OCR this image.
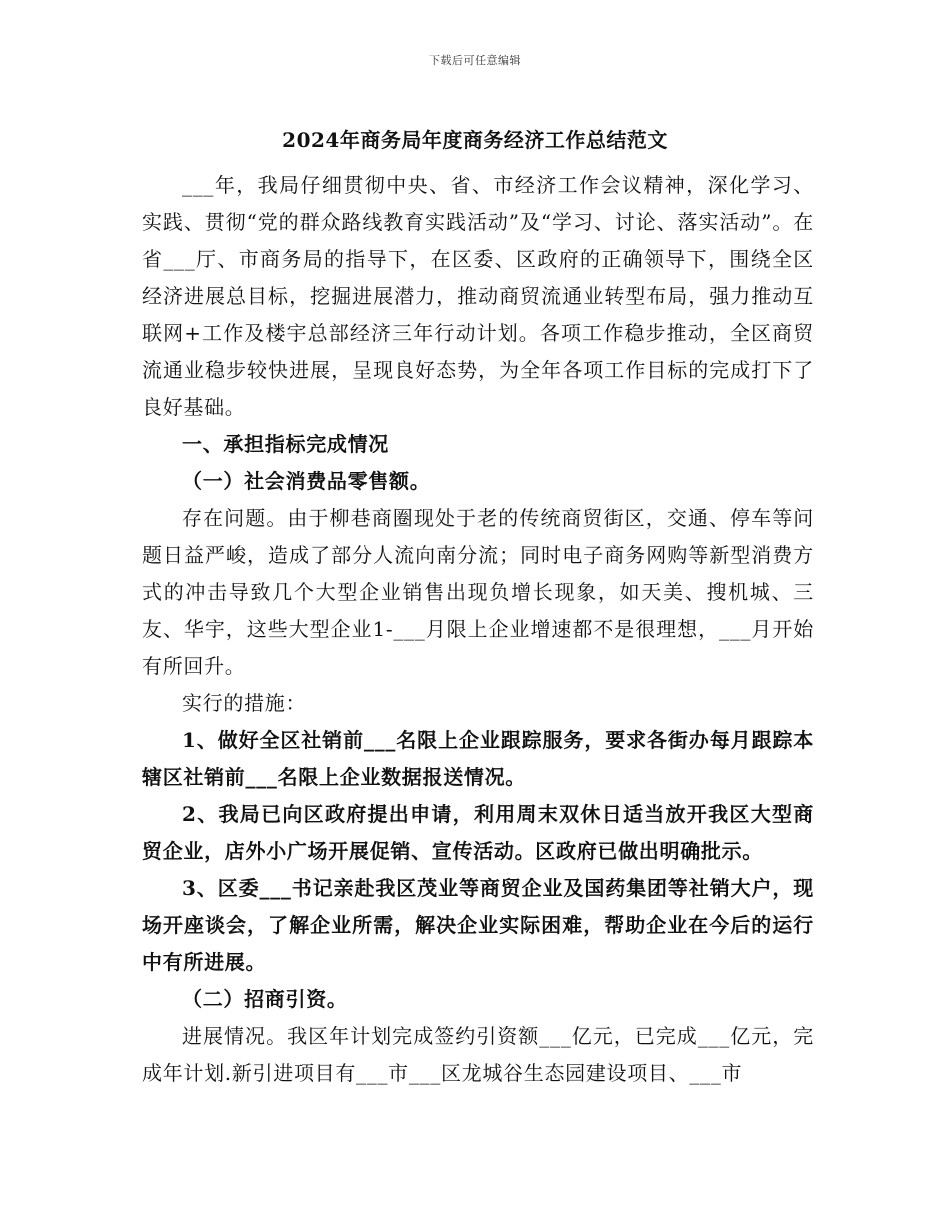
下载后可任意编辑
2024年商务局年度商务经济工作总结范文

___年，我局仔细贯彻中央、省、市经济工作会议精神，深化学习、实践、贯彻“党的群众路线教育实践活动”及“学习、讨论、落实活动”。在省___厅、市商务局的指导下，在区委、区政府的正确领导下，围绕全区经济进展总目标，挖掘进展潜力，推动商贸流通业转型布局，强力推动互联网+工作及楼宇总部经济三年行动计划。各项工作稳步推动，全区商贸流通业稳步较快进展，呈现良好态势，为全年各项工作目标的完成打下了良好基础。

一、承担指标完成情况

（一）社会消费品零售额。

存在问题。由于柳巷商圈现处于老的传统商贸街区，交通、停车等问题日益严峻，造成了部分人流向南分流；同时电子商务网购等新型消费方式的冲击导致几个大型企业销售出现负增长现象，如天美、搜机城、三友、华宇，这些大型企业1-___月限上企业增速都不是很理想，___月开始有所回升。

实行的措施：

1、做好全区社销前___名限上企业跟踪服务，要求各街办每月跟踪本辖区社销前___名限上企业数据报送情况。

2、我局已向区政府提出申请，利用周末双休日适当放开我区大型商贸企业，店外小广场开展促销、宣传活动。区政府已做出明确批示。

3、区委___书记亲赴我区茂业等商贸企业及国药集团等社销大户，现场开座谈会，了解企业所需，解决企业实际困难，帮助企业在今后的运行中有所进展。

（二）招商引资。

进展情况。我区年计划完成签约引资额___亿元，已完成___亿元，完成年计划.新引进项目有___市___区龙城谷生态园建设项目、___市
